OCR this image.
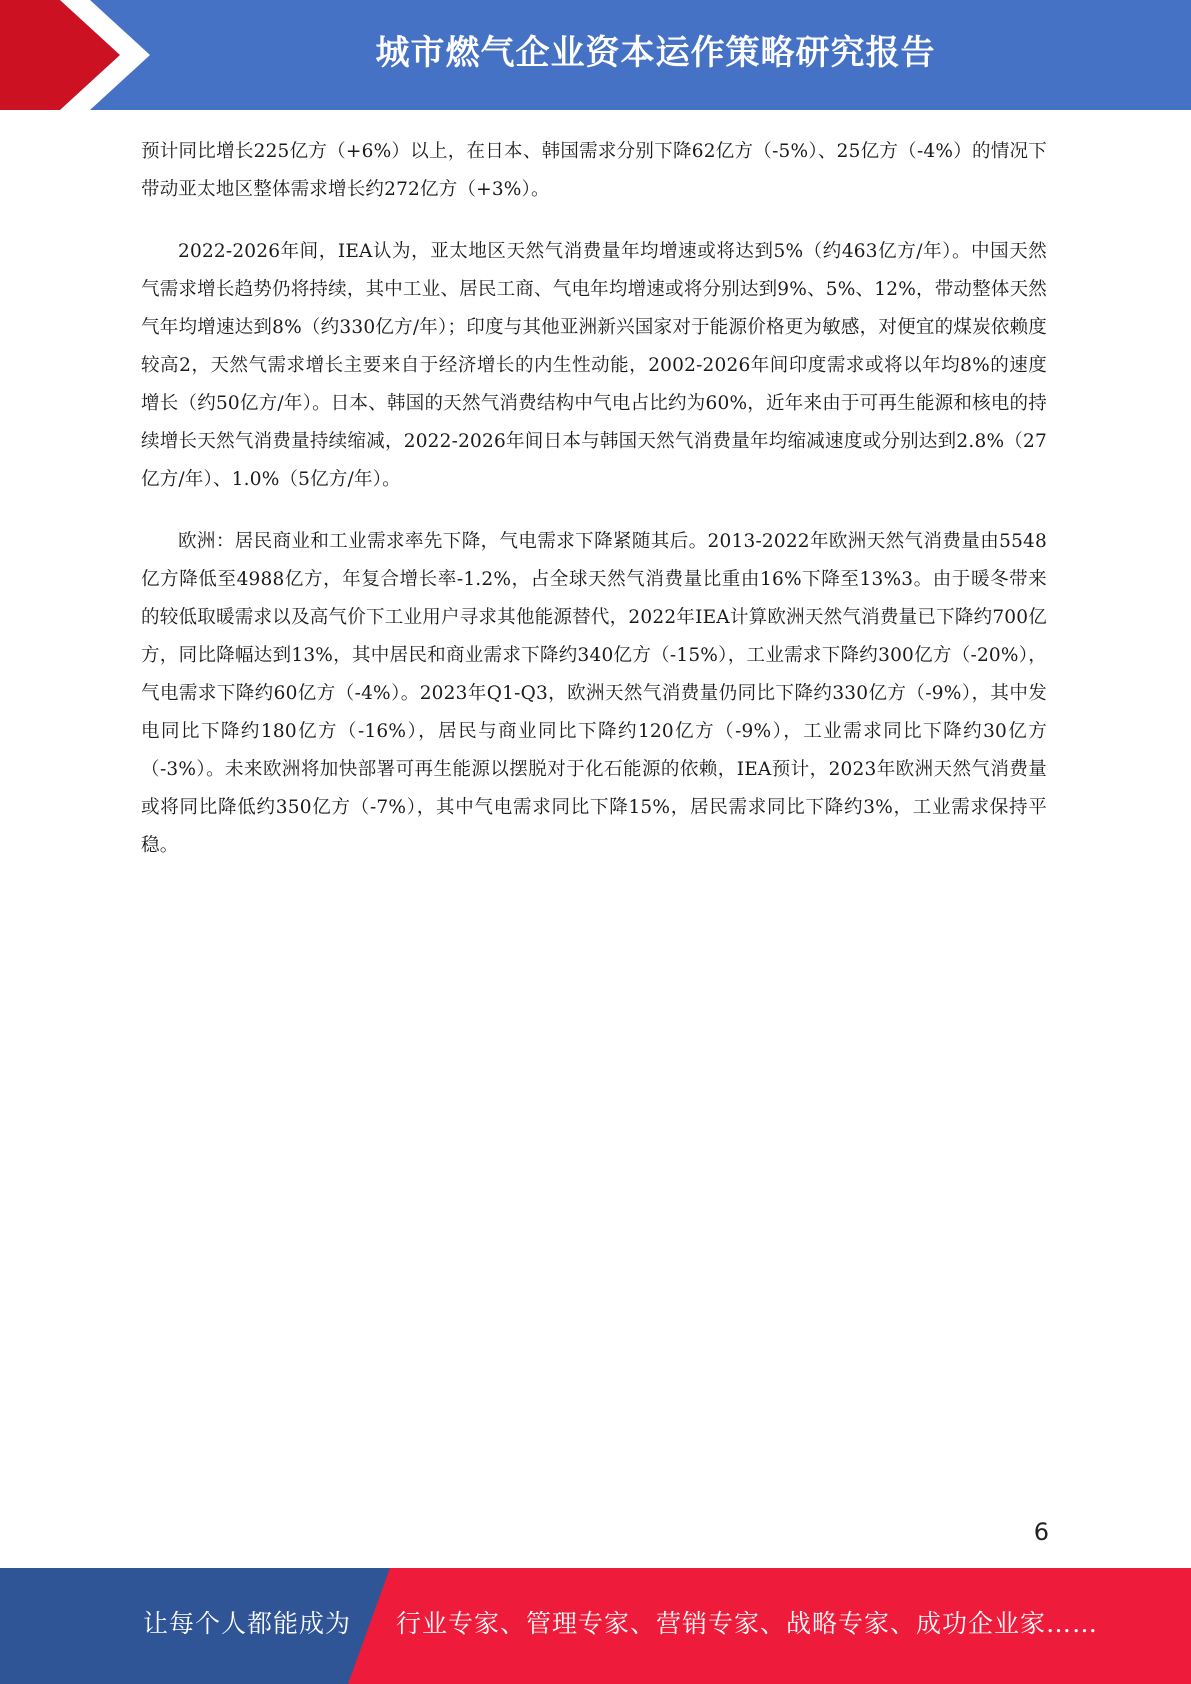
城市燃气企业资本运作策略研究报告

预计同比增长225亿方（+6%）以上，在日本、韩国需求分别下降62亿方（-5%）、25亿方（-4%）的情况下带动亚太地区整体需求增长约272亿方（+3%）。

2022-2026年间，IEA认为，亚太地区天然气消费量年均增速或将达到5%（约463亿方/年）。中国天然气需求增长趋势仍将持续，其中工业、居民工商、气电年均增速或将分别达到9%、5%、12%，带动整体天然气年均增速达到8%（约330亿方/年）；印度与其他亚洲新兴国家对于能源价格更为敏感，对便宜的煤炭依赖度较高2，天然气需求增长主要来自于经济增长的内生性动能，2002-2026年间印度需求或将以年均8%的速度增长（约50亿方/年）。日本、韩国的天然气消费结构中气电占比约为60%，近年来由于可再生能源和核电的持续增长天然气消费量持续缩减，2022-2026年间日本与韩国天然气消费量年均缩减速度或分别达到2.8%（27亿方/年）、1.0%（5亿方/年）。

欧洲：居民商业和工业需求率先下降，气电需求下降紧随其后。2013-2022年欧洲天然气消费量由5548亿方降低至4988亿方，年复合增长率-1.2%，占全球天然气消费量比重由16%下降至13%3。由于暖冬带来的较低取暖需求以及高气价下工业用户寻求其他能源替代，2022年IEA计算欧洲天然气消费量已下降约700亿方，同比降幅达到13%，其中居民和商业需求下降约340亿方（-15%），工业需求下降约300亿方（-20%），气电需求下降约60亿方（-4%）。2023年Q1-Q3，欧洲天然气消费量仍同比下降约330亿方（-9%），其中发电同比下降约180亿方（-16%），居民与商业同比下降约120亿方（-9%），工业需求同比下降约30亿方（-3%）。未来欧洲将加快部署可再生能源以摆脱对于化石能源的依赖，IEA预计，2023年欧洲天然气消费量或将同比降低约350亿方（-7%），其中气电需求同比下降15%，居民需求同比下降约3%，工业需求保持平稳。

6
让每个人都能成为 行业专家、管理专家、营销专家、战略专家、成功企业家……
